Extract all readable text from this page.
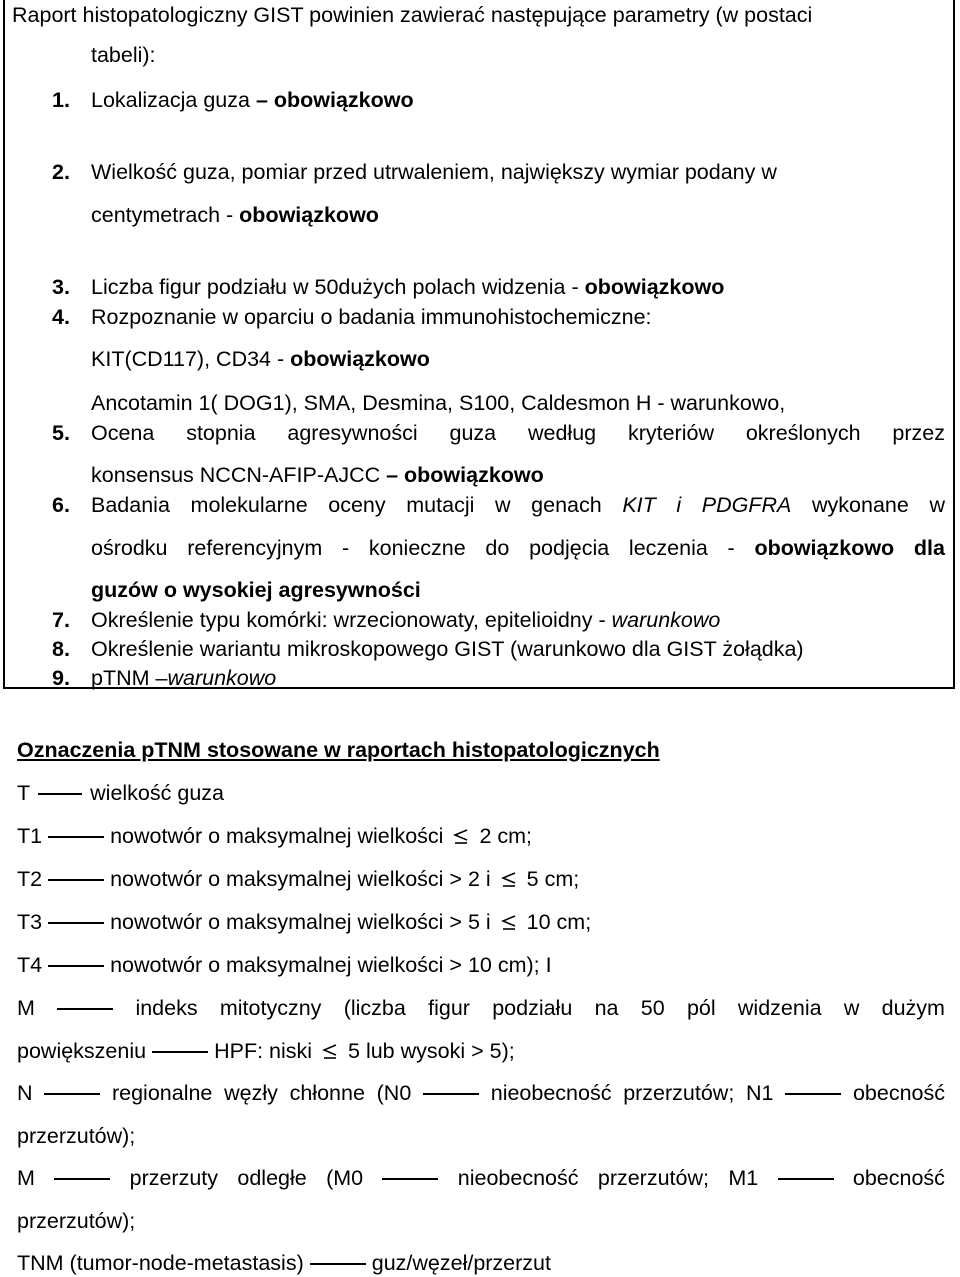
Raport histopatologiczny GIST powinien zawierać następujące parametry (w postaci
tabeli):
1. Lokalizacja guza – obowiązkowo
2. Wielkość guza, pomiar przed utrwaleniem, największy wymiar podany w
centymetrach - obowiązkowo
3. Liczba figur podziału w 50dużych polach widzenia - obowiązkowo
4. Rozpoznanie w oparciu o badania immunohistochemiczne:
KIT(CD117), CD34 - obowiązkowo
Ancotamin 1( DOG1), SMA, Desmina, S100, Caldesmon H - warunkowo,
5. Ocena stopnia agresywności guza według kryteriów określonych przez
konsensus NCCN-AFIP-AJCC – obowiązkowo
6. Badania molekularne oceny mutacji w genach KIT i PDGFRA wykonane w
ośrodku referencyjnym - konieczne do podjęcia leczenia - obowiązkowo dla
guzów o wysokiej agresywności
7. Określenie typu komórki: wrzecionowaty, epitelioidny - warunkowo
8. Określenie wariantu mikroskopowego GIST (warunkowo dla GIST żołądka)
9. pTNM –warunkowo
Oznaczenia pTNM stosowane w raportach histopatologicznych
T	wielkość guza
T1	nowotwór o maksymalnej wielkości 2 cm;
T2	nowotwór o maksymalnej wielkości > 2 i 5 cm;
T3	nowotwór o maksymalnej wielkości > 5 i 10 cm;
T4	nowotwór o maksymalnej wielkości > 10 cm); I
M	indeks mitotyczny (liczba figur podziału na 50 pól widzenia w dużym
powiększeniu	HPF: niski 5 lub wysoki > 5);
N	regionalne węzły chłonne (N0	nieobecność przerzutów; N1	obecność
przerzutów);
M	przerzuty odległe (M0	nieobecność przerzutów; M1	obecność
przerzutów);
TNM (tumor-node-metastasis)	guz/węzeł/przerzut
